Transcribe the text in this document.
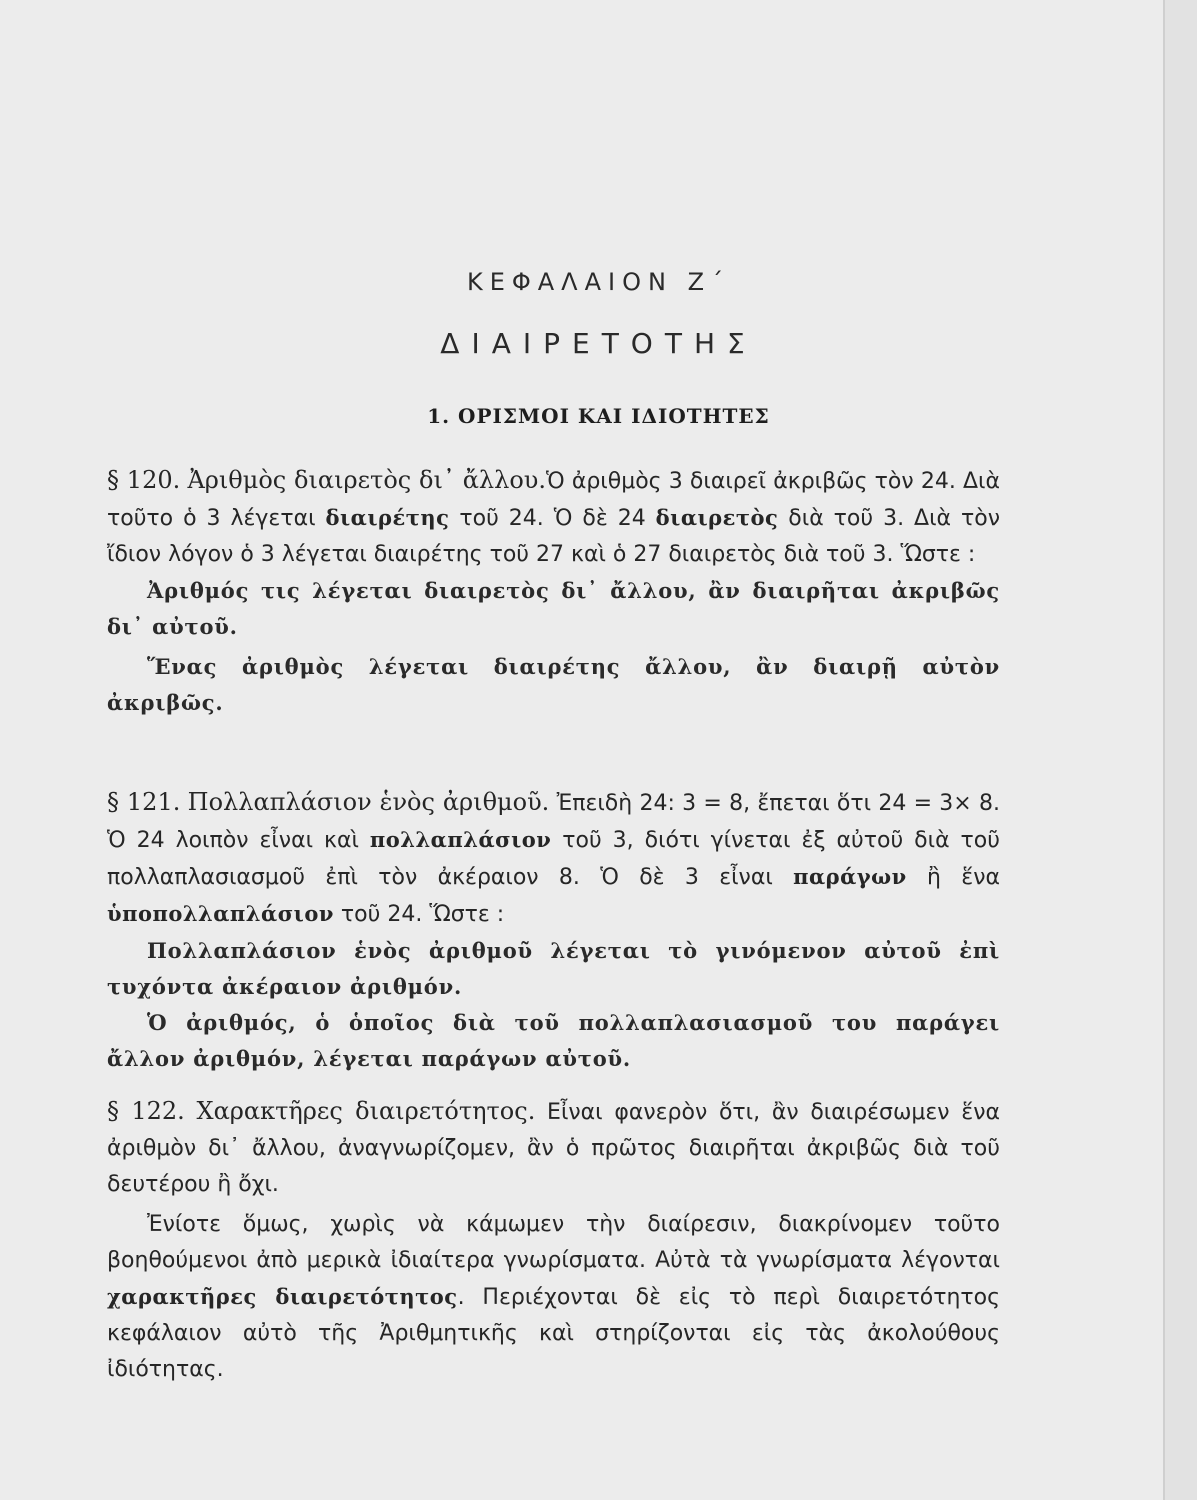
ΚΕΦΑΛΑΙΟΝ Ζ΄
ΔΙΑΙΡΕΤΟΤΗΣ
1. ΟΡΙΣΜΟΙ ΚΑΙ ΙΔΙΟΤΗΤΕΣ

§ 120. Ἀριθμὸς διαιρετὸς δι᾽ ἄλλου.Ὁ ἀριθμὸς 3 διαιρεῖ ἀκριβῶς τὸν 24. Διὰ τοῦτο ὁ 3 λέγεται διαιρέτης τοῦ 24. Ὁ δὲ 24 διαιρετὸς διὰ τοῦ 3. Διὰ τὸν ἴδιον λόγον ὁ 3 λέγεται διαιρέτης τοῦ 27 καὶ ὁ 27 διαιρετὸς διὰ τοῦ 3. Ὥστε :

Ἀριθμός τις λέγεται διαιρετὸς δι᾽ ἄλλου, ἂν διαιρῆται ἀκριβῶς δι᾽ αὐτοῦ.

Ἕνας ἀριθμὸς λέγεται διαιρέτης ἄλλου, ἂν διαιρῇ αὐτὸν ἀκριβῶς.

§ 121. Πολλαπλάσιον ἑνὸς ἀριθμοῦ. Ἐπειδὴ 24: 3 = 8, ἔπεται ὅτι 24 = 3× 8. Ὁ 24 λοιπὸν εἶναι καὶ πολλαπλάσιον τοῦ 3, διότι γίνεται ἐξ αὐτοῦ διὰ τοῦ πολλαπλασιασμοῦ ἐπὶ τὸν ἀκέραιον 8. Ὁ δὲ 3 εἶναι παράγων ἢ ἕνα ὑποπολλαπλάσιον τοῦ 24. Ὥστε :

Πολλαπλάσιον ἑνὸς ἀριθμοῦ λέγεται τὸ γινόμενον αὐτοῦ ἐπὶ τυχόντα ἀκέραιον ἀριθμόν.

Ὁ ἀριθμός, ὁ ὁποῖος διὰ τοῦ πολλαπλασιασμοῦ του παράγει ἄλλον ἀριθμόν, λέγεται παράγων αὐτοῦ.

§ 122. Χαρακτῆρες διαιρετότητος. Εἶναι φανερὸν ὅτι, ἂν διαιρέσωμεν ἕνα ἀριθμὸν δι᾽ ἄλλου, ἀναγνωρίζομεν, ἂν ὁ πρῶτος διαιρῆται ἀκριβῶς διὰ τοῦ δευτέρου ἢ ὄχι.

Ἐνίοτε ὅμως, χωρὶς νὰ κάμωμεν τὴν διαίρεσιν, διακρίνομεν τοῦτο βοηθούμενοι ἀπὸ μερικὰ ἰδιαίτερα γνωρίσματα. Αὐτὰ τὰ γνωρίσματα λέγονται χαρακτῆρες διαιρετότητος. Περιέχονται δὲ εἰς τὸ περὶ διαιρετότητος κεφάλαιον αὐτὸ τῆς Ἀριθμητικῆς καὶ στηρίζονται εἰς τὰς ἀκολούθους ἰδιότητας.
